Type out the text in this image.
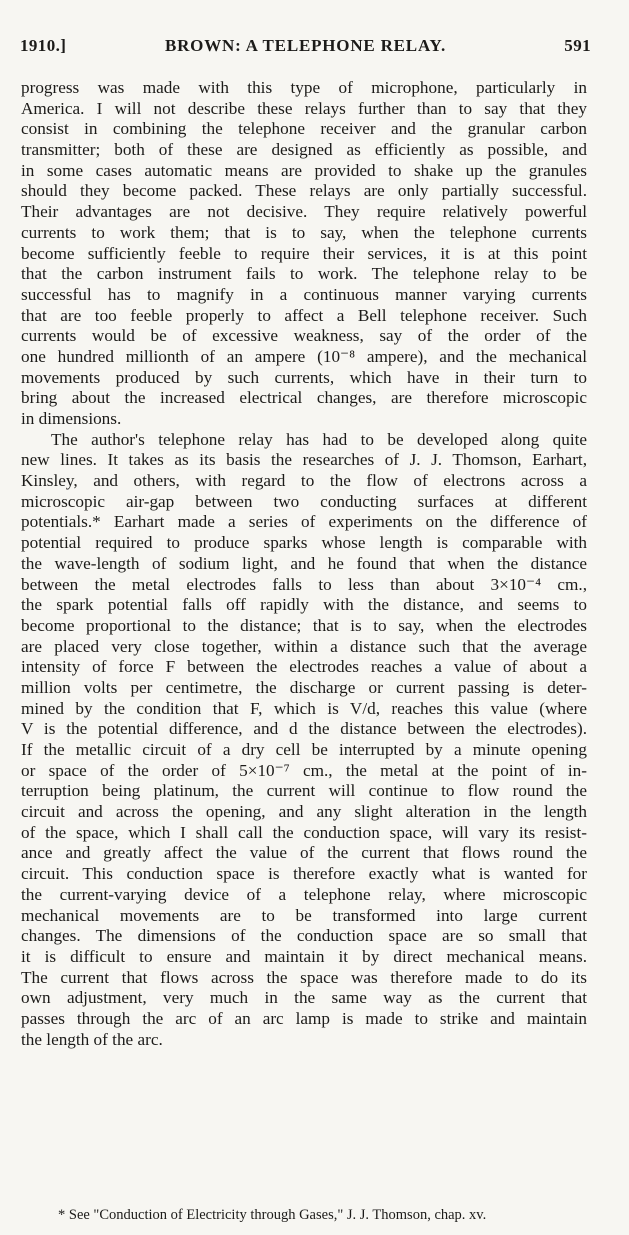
1910.]	BROWN: A TELEPHONE RELAY.	591
progress was made with this type of microphone, particularly in
America. I will not describe these relays further than to say that they
consist in combining the telephone receiver and the granular carbon
transmitter; both of these are designed as efficiently as possible, and
in some cases automatic means are provided to shake up the granules
should they become packed. These relays are only partially successful.
Their advantages are not decisive. They require relatively powerful
currents to work them; that is to say, when the telephone currents
become sufficiently feeble to require their services, it is at this point
that the carbon instrument fails to work. The telephone relay to be
successful has to magnify in a continuous manner varying currents
that are too feeble properly to affect a Bell telephone receiver. Such
currents would be of excessive weakness, say of the order of the
one hundred millionth of an ampere (10⁻⁸ ampere), and the mechanical
movements produced by such currents, which have in their turn to
bring about the increased electrical changes, are therefore microscopic
in dimensions.
The author's telephone relay has had to be developed along quite
new lines. It takes as its basis the researches of J. J. Thomson, Earhart,
Kinsley, and others, with regard to the flow of electrons across a
microscopic air-gap between two conducting surfaces at different
potentials.* Earhart made a series of experiments on the difference of
potential required to produce sparks whose length is comparable with
the wave-length of sodium light, and he found that when the distance
between the metal electrodes falls to less than about 3×10⁻⁴ cm.,
the spark potential falls off rapidly with the distance, and seems to
become proportional to the distance; that is to say, when the electrodes
are placed very close together, within a distance such that the average
intensity of force F between the electrodes reaches a value of about a
million volts per centimetre, the discharge or current passing is deter-
mined by the condition that F, which is V/d, reaches this value (where
V is the potential difference, and d the distance between the electrodes).
If the metallic circuit of a dry cell be interrupted by a minute opening
or space of the order of 5×10⁻⁷ cm., the metal at the point of in-
terruption being platinum, the current will continue to flow round the
circuit and across the opening, and any slight alteration in the length
of the space, which I shall call the conduction space, will vary its resist-
ance and greatly affect the value of the current that flows round the
circuit. This conduction space is therefore exactly what is wanted for
the current-varying device of a telephone relay, where microscopic
mechanical movements are to be transformed into large current
changes. The dimensions of the conduction space are so small that
it is difficult to ensure and maintain it by direct mechanical means.
The current that flows across the space was therefore made to do its
own adjustment, very much in the same way as the current that
passes through the arc of an arc lamp is made to strike and maintain
the length of the arc.
* See "Conduction of Electricity through Gases," J. J. Thomson, chap. xv.
